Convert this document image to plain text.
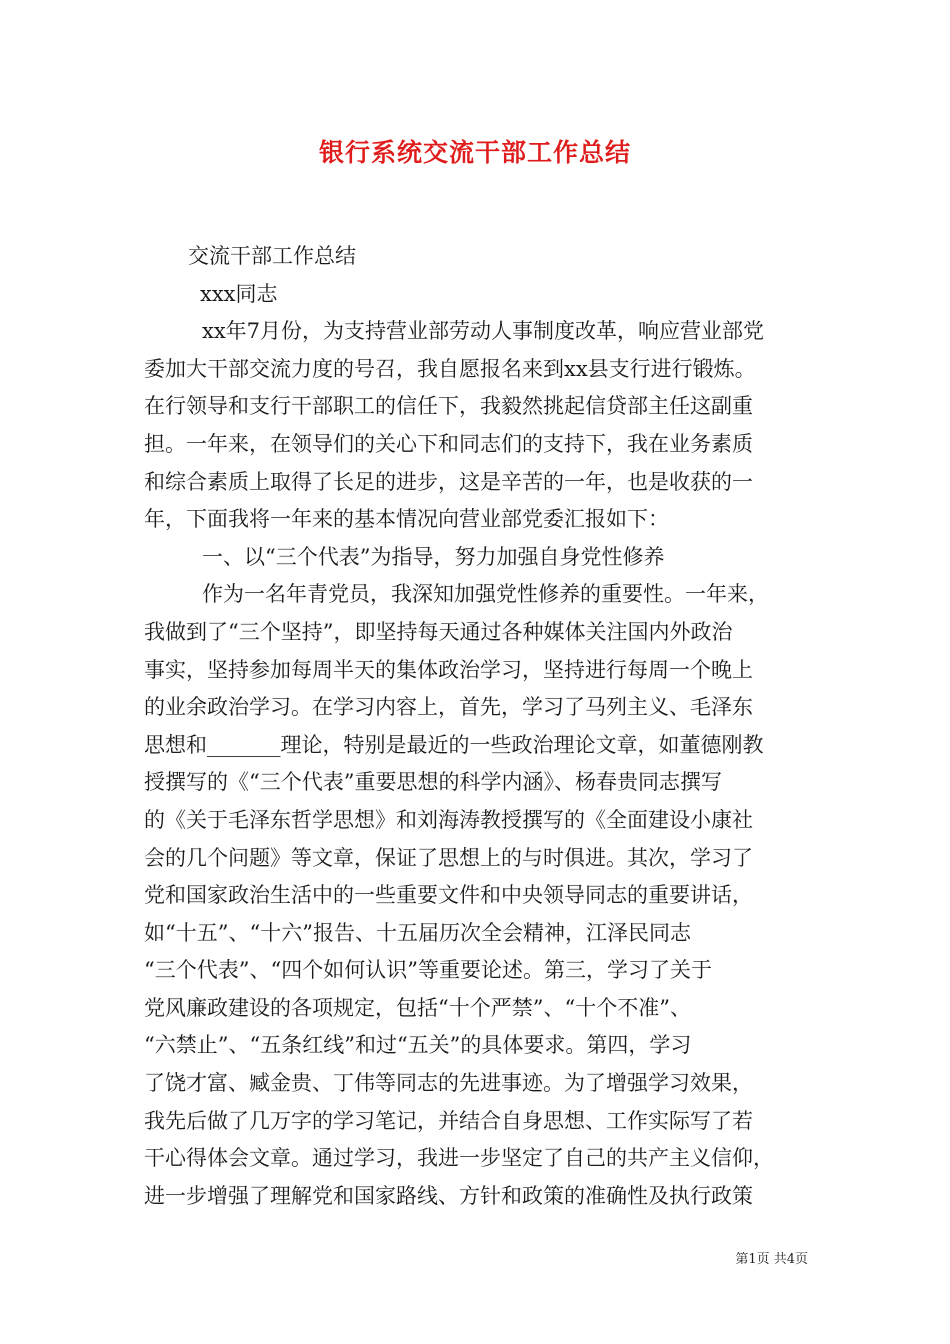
银行系统交流干部工作总结
交流干部工作总结
xxx同志
xx年7月份，为支持营业部劳动人事制度改革，响应营业部党
委加大干部交流力度的号召，我自愿报名来到xx县支行进行锻炼。
在行领导和支行干部职工的信任下，我毅然挑起信贷部主任这副重
担。一年来，在领导们的关心下和同志们的支持下，我在业务素质
和综合素质上取得了长足的进步，这是辛苦的一年，也是收获的一
年，下面我将一年来的基本情况向营业部党委汇报如下：
一、以“三个代表”为指导，努力加强自身党性修养
作为一名年青党员，我深知加强党性修养的重要性。一年来，
我做到了“三个坚持”，即坚持每天通过各种媒体关注国内外政治
事实，坚持参加每周半天的集体政治学习，坚持进行每周一个晚上
的业余政治学习。在学习内容上，首先，学习了马列主义、毛泽东
思想和_______理论，特别是最近的一些政治理论文章，如董德刚教
授撰写的《“三个代表”重要思想的科学内涵》、杨春贵同志撰写
的《关于毛泽东哲学思想》和刘海涛教授撰写的《全面建设小康社
会的几个问题》等文章，保证了思想上的与时俱进。其次，学习了
党和国家政治生活中的一些重要文件和中央领导同志的重要讲话，
如“十五”、“十六”报告、十五届历次全会精神，江泽民同志
“三个代表”、“四个如何认识”等重要论述。第三，学习了关于
党风廉政建设的各项规定，包括“十个严禁”、“十个不准”、
“六禁止”、“五条红线”和过“五关”的具体要求。第四，学习
了饶才富、臧金贵、丁伟等同志的先进事迹。为了增强学习效果，
我先后做了几万字的学习笔记，并结合自身思想、工作实际写了若
干心得体会文章。通过学习，我进一步坚定了自己的共产主义信仰，
进一步增强了理解党和国家路线、方针和政策的准确性及执行政策
第1页 共4页
